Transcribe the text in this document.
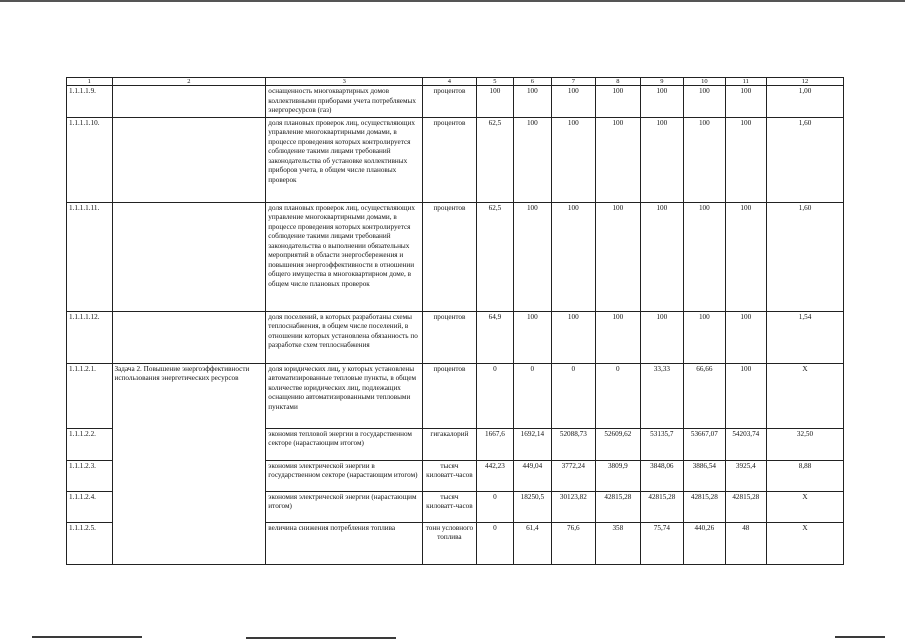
1	2	3	4	5	6	7	8	9	10	11	12
1.1.1.1.9.		оснащенность многоквартирных домов коллективными приборами учета потребляемых энергоресурсов (газ)	процентов	100	100	100	100	100	100	100	1,00
1.1.1.1.10.		доля плановых проверок лиц, осуществляющих управление многоквартирными домами, в процессе проведения которых контролируется соблюдение такими лицами требований законодательства об установке коллективных приборов учета, в общем числе плановых проверок	процентов	62,5	100	100	100	100	100	100	1,60
1.1.1.1.11.		доля плановых проверок лиц, осуществляющих управление многоквартирными домами, в процессе проведения которых контролируется соблюдение такими лицами требований законодательства о выполнении обязательных мероприятий в области энергосбережения и повышения энергоэффективности в отношении общего имущества в многоквартирном доме, в общем числе плановых проверок	процентов	62,5	100	100	100	100	100	100	1,60
1.1.1.1.12.		доля поселений, в которых разработаны схемы теплоснабжения, в общем числе поселений, в отношении которых установлена обязанность по разработке схем теплоснабжения	процентов	64,9	100	100	100	100	100	100	1,54
1.1.1.2.1.	Задача 2. Повышение энергоэффективности использования энергетических ресурсов	доля юридических лиц, у которых установлены автоматизированные тепловые пункты, в общем количестве юридических лиц, подлежащих оснащению автоматизированными тепловыми пунктами	процентов	0	0	0	0	33,33	66,66	100	X
1.1.1.2.2.		экономия тепловой энергии в государственном секторе (нарастающим итогом)	гигакалорий	1667,6	1692,14	52088,73	52609,62	53135,7	53667,07	54203,74	32,50
1.1.1.2.3.		экономия электрической энергии в государственном секторе (нарастающим итогом)	тысяч киловатт-часов	442,23	449,04	3772,24	3809,9	3848,06	3886,54	3925,4	8,88
1.1.1.2.4.		экономия электрической энергии (нарастающим итогом)	тысяч киловатт-часов	0	18250,5	30123,82	42815,28	42815,28	42815,28	42815,28	X
1.1.1.2.5.		величина снижения потребления топлива	тонн условного топлива	0	61,4	76,6	358	75,74	440,26	48	X
